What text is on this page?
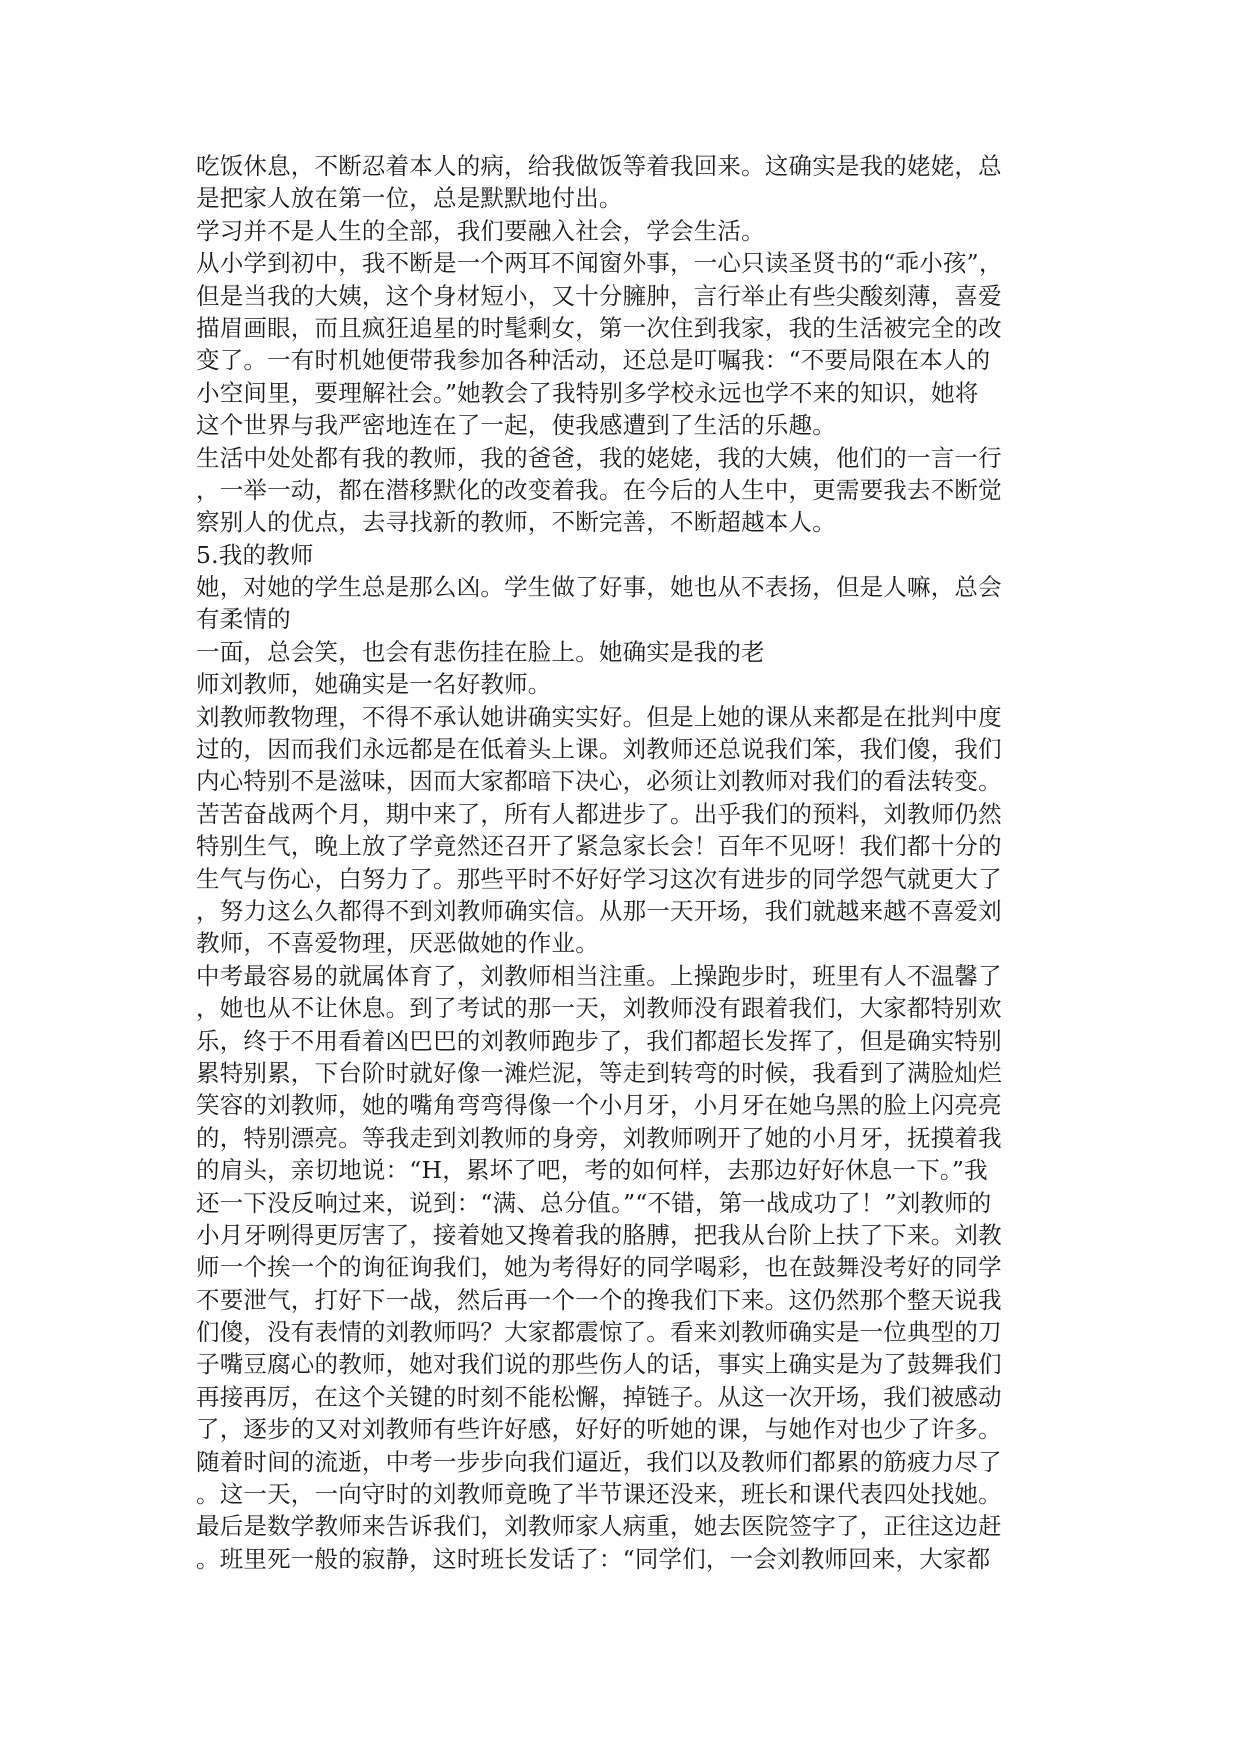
吃饭休息，不断忍着本人的病，给我做饭等着我回来。这确实是我的姥姥，总
是把家人放在第一位，总是默默地付出。
学习并不是人生的全部，我们要融入社会，学会生活。
从小学到初中，我不断是一个两耳不闻窗外事，一心只读圣贤书的“乖小孩”，
但是当我的大姨，这个身材短小，又十分臃肿，言行举止有些尖酸刻薄，喜爱
描眉画眼，而且疯狂追星的时髦剩女，第一次住到我家，我的生活被完全的改
变了。一有时机她便带我参加各种活动，还总是叮嘱我：“不要局限在本人的
小空间里，要理解社会。”她教会了我特别多学校永远也学不来的知识，她将
这个世界与我严密地连在了一起，使我感遭到了生活的乐趣。
生活中处处都有我的教师，我的爸爸，我的姥姥，我的大姨，他们的一言一行
，一举一动，都在潜移默化的改变着我。在今后的人生中，更需要我去不断觉
察别人的优点，去寻找新的教师，不断完善，不断超越本人。
5.我的教师
她，对她的学生总是那么凶。学生做了好事，她也从不表扬，但是人嘛，总会
有柔情的
一面，总会笑，也会有悲伤挂在脸上。她确实是我的老
师刘教师，她确实是一名好教师。
刘教师教物理，不得不承认她讲确实实好。但是上她的课从来都是在批判中度
过的，因而我们永远都是在低着头上课。刘教师还总说我们笨，我们傻，我们
内心特别不是滋味，因而大家都暗下决心，必须让刘教师对我们的看法转变。
苦苦奋战两个月，期中来了，所有人都进步了。出乎我们的预料，刘教师仍然
特别生气，晚上放了学竟然还召开了紧急家长会！百年不见呀！我们都十分的
生气与伤心，白努力了。那些平时不好好学习这次有进步的同学怨气就更大了
，努力这么久都得不到刘教师确实信。从那一天开场，我们就越来越不喜爱刘
教师，不喜爱物理，厌恶做她的作业。
中考最容易的就属体育了，刘教师相当注重。上操跑步时，班里有人不温馨了
，她也从不让休息。到了考试的那一天，刘教师没有跟着我们，大家都特别欢
乐，终于不用看着凶巴巴的刘教师跑步了，我们都超长发挥了，但是确实特别
累特别累，下台阶时就好像一滩烂泥，等走到转弯的时候，我看到了满脸灿烂
笑容的刘教师，她的嘴角弯弯得像一个小月牙，小月牙在她乌黑的脸上闪亮亮
的，特别漂亮。等我走到刘教师的身旁，刘教师咧开了她的小月牙，抚摸着我
的肩头，亲切地说：“H，累坏了吧，考的如何样，去那边好好休息一下。”我
还一下没反响过来，说到：“满、总分值。”“不错，第一战成功了！”刘教师的
小月牙咧得更厉害了，接着她又搀着我的胳膊，把我从台阶上扶了下来。刘教
师一个挨一个的询征询我们，她为考得好的同学喝彩，也在鼓舞没考好的同学
不要泄气，打好下一战，然后再一个一个的搀我们下来。这仍然那个整天说我
们傻，没有表情的刘教师吗？大家都震惊了。看来刘教师确实是一位典型的刀
子嘴豆腐心的教师，她对我们说的那些伤人的话，事实上确实是为了鼓舞我们
再接再厉，在这个关键的时刻不能松懈，掉链子。从这一次开场，我们被感动
了，逐步的又对刘教师有些许好感，好好的听她的课，与她作对也少了许多。
随着时间的流逝，中考一步步向我们逼近，我们以及教师们都累的筋疲力尽了
。这一天，一向守时的刘教师竟晚了半节课还没来，班长和课代表四处找她。
最后是数学教师来告诉我们，刘教师家人病重，她去医院签字了，正往这边赶
。班里死一般的寂静，这时班长发话了：“同学们，一会刘教师回来，大家都
